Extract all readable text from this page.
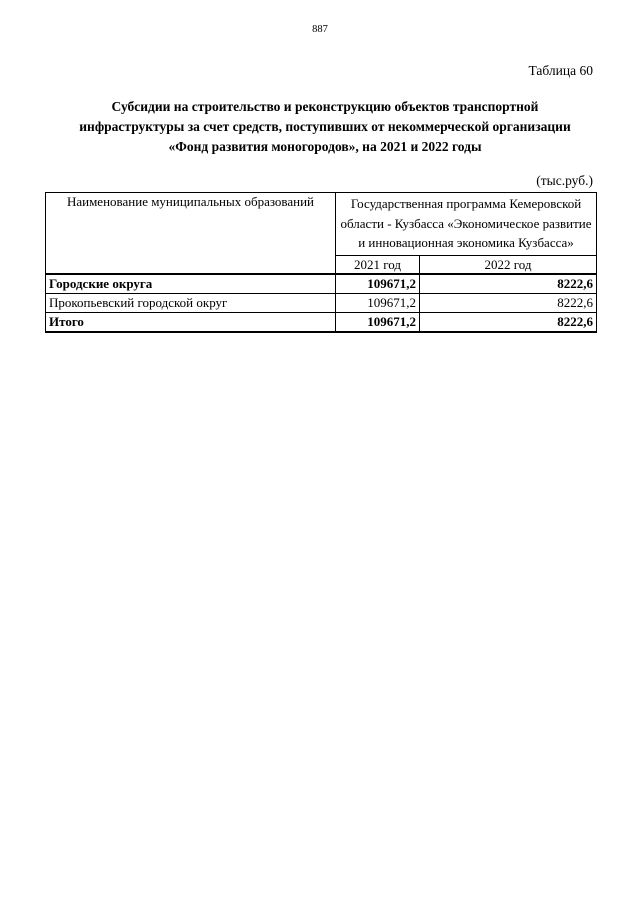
887
Таблица 60
Субсидии на строительство и реконструкцию объектов транспортной
инфраструктуры за счет средств, поступивших от некоммерческой организации
«Фонд развития моногородов», на 2021 и 2022 годы
(тыс.руб.)
Наименование муниципальных образований	Государственная программа Кемеровской области - Кузбасса «Экономическое развитие и инновационная экономика Кузбасса»	
	2021 год	2022 год
Городские округа	109671,2	8222,6
Прокопьевский городской округ	109671,2	8222,6
Итого	109671,2	8222,6
